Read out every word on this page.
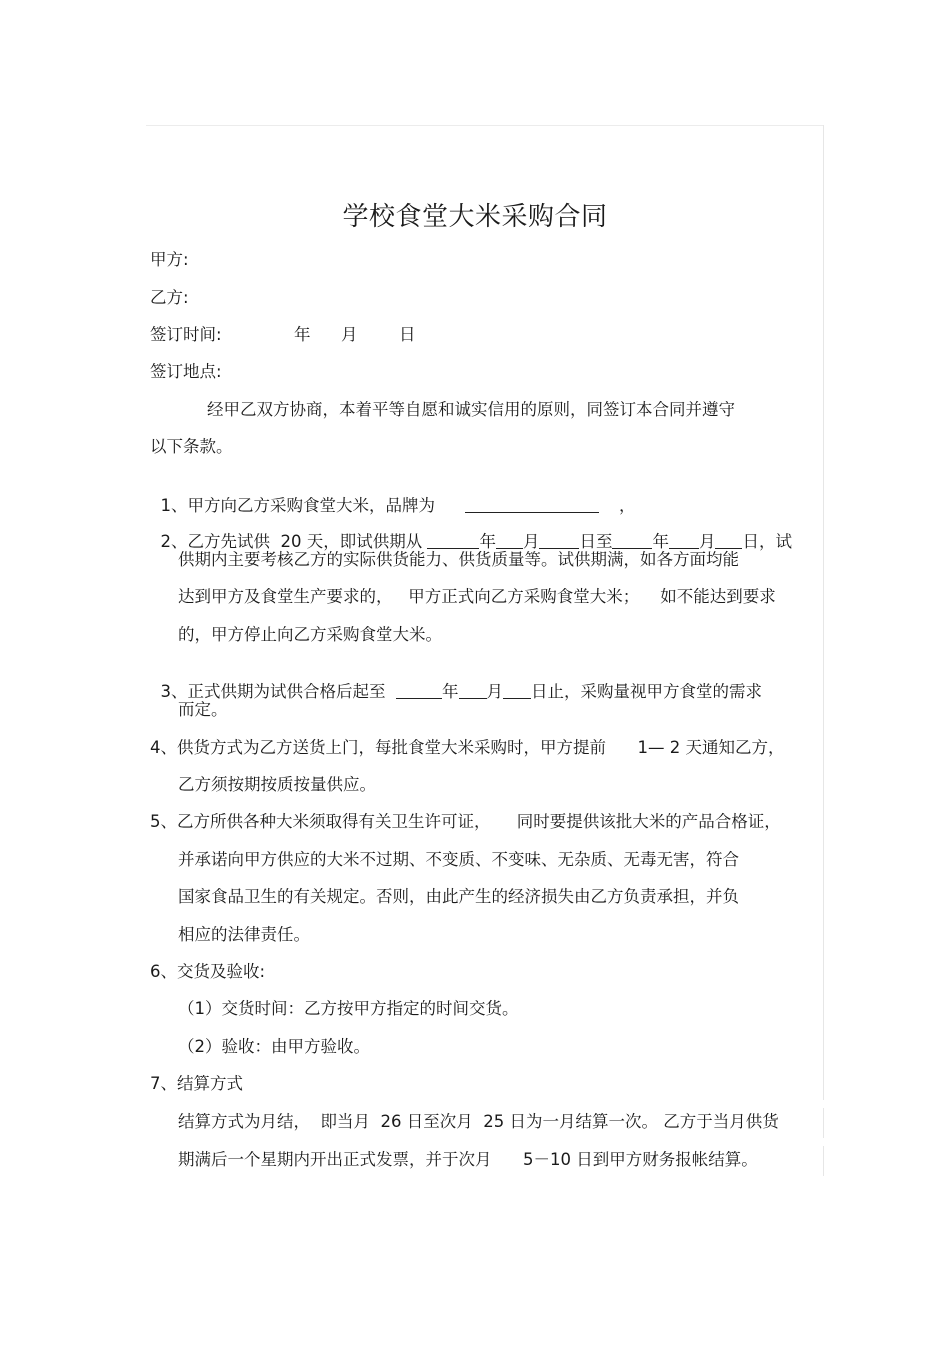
学校食堂大米采购合同
甲方:
乙方:
签订时间:	年 月	日
签订地点:
经甲乙双方协商，本着平等自愿和诚实信用的原则，同签订本合同并遵守
以下条款。

1、甲方向乙方采购食堂大米，品牌为	，

2、乙方先试供  20 天，即试供期从	年 月 日至 年 月 日，试

供期内主要考核乙方的实际供货能力、供货质量等。试供期满，如各方面均能
达到甲方及食堂生产要求的，   甲方正式向乙方采购食堂大米；    如不能达到要求
的，甲方停止向乙方采购食堂大米。

3、正式供期为试供合格后起至	年 月 日止，采购量视甲方食堂的需求

而定。
4、供货方式为乙方送货上门，每批食堂大米采购时，甲方提前      1— 2 天通知乙方，
乙方须按期按质按量供应。
5、乙方所供各种大米须取得有关卫生许可证，     同时要提供该批大米的产品合格证，
并承诺向甲方供应的大米不过期、不变质、不变味、无杂质、无毒无害，符合
国家食品卫生的有关规定。否则，由此产生的经济损失由乙方负责承担，并负
相应的法律责任。
6、交货及验收:
（1）交货时间：乙方按甲方指定的时间交货。
（2）验收：由甲方验收。
7、结算方式
结算方式为月结，  即当月  26 日至次月  25 日为一月结算一次。 乙方于当月供货
期满后一个星期内开出正式发票，并于次月      5－10 日到甲方财务报帐结算。
